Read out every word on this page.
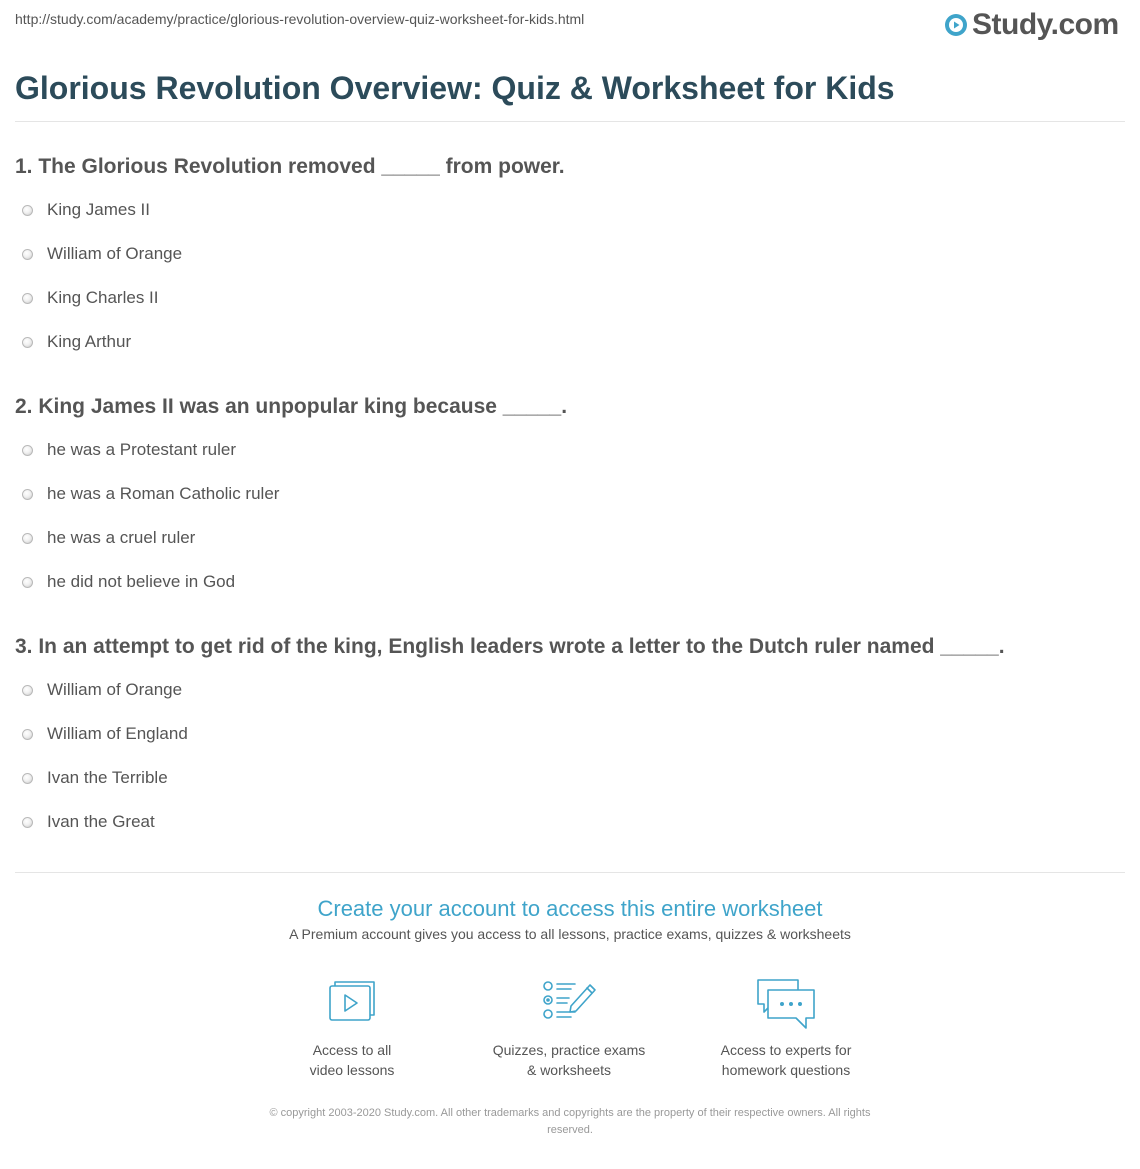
http://study.com/academy/practice/glorious-revolution-overview-quiz-worksheet-for-kids.html	Study.com
Glorious Revolution Overview: Quiz & Worksheet for Kids
1. The Glorious Revolution removed _____ from power.
King James II
William of Orange
King Charles II
King Arthur
2. King James II was an unpopular king because _____.
he was a Protestant ruler
he was a Roman Catholic ruler
he was a cruel ruler
he did not believe in God
3. In an attempt to get rid of the king, English leaders wrote a letter to the Dutch ruler named _____.
William of Orange
William of England
Ivan the Terrible
Ivan the Great
Create your account to access this entire worksheet
A Premium account gives you access to all lessons, practice exams, quizzes & worksheets
Access to all
video lessons
Quizzes, practice exams
& worksheets
Access to experts for
homework questions
© copyright 2003-2020 Study.com. All other trademarks and copyrights are the property of their respective owners. All rights
reserved.
